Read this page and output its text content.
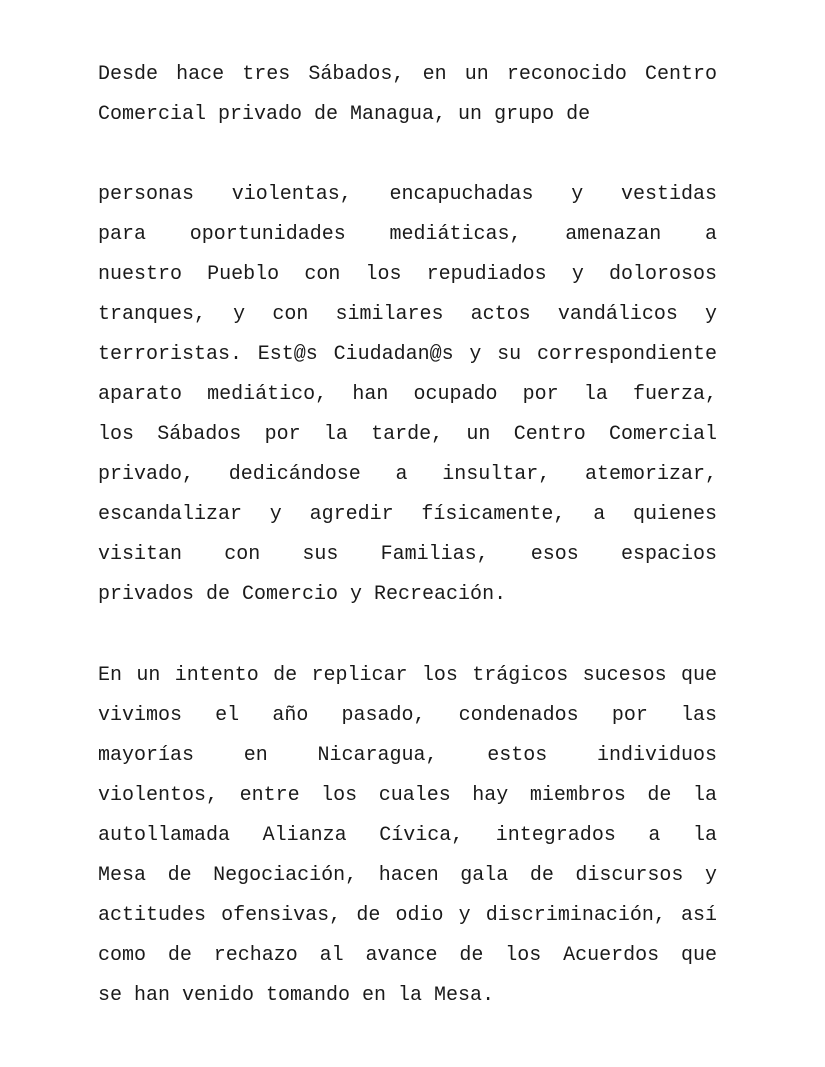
Desde hace tres Sábados, en un reconocido Centro
Comercial privado de Managua, un grupo de

personas violentas, encapuchadas y vestidas
para oportunidades mediáticas, amenazan a
nuestro Pueblo con los repudiados y dolorosos
tranques, y con similares actos vandálicos y
terroristas. Est@s Ciudadan@s y su correspondiente
aparato mediático, han ocupado por la fuerza,
los Sábados por la tarde, un Centro Comercial
privado, dedicándose a insultar, atemorizar,
escandalizar y agredir físicamente, a quienes
visitan con sus Familias, esos espacios
privados de Comercio y Recreación.

En un intento de replicar los trágicos sucesos que
vivimos el año pasado, condenados por las
mayorías en Nicaragua, estos individuos
violentos, entre los cuales hay miembros de la
autollamada Alianza Cívica, integrados a la
Mesa de Negociación, hacen gala de discursos y
actitudes ofensivas, de odio y discriminación, así
como de rechazo al avance de los Acuerdos que
se han venido tomando en la Mesa.
